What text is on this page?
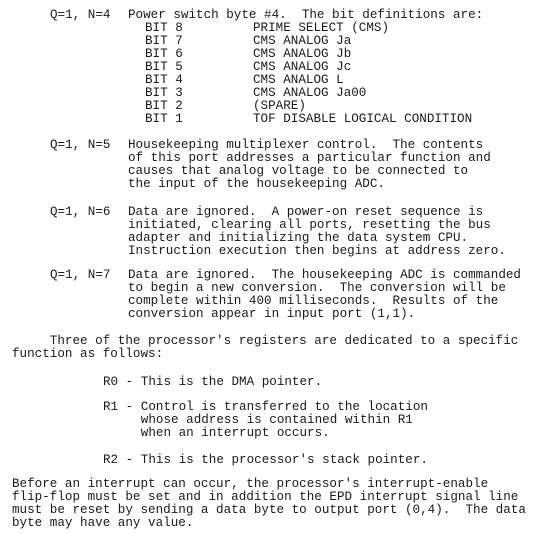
Q=1, N=4 Power switch byte #4.  The bit definitions are:

BIT 8	PRIME SELECT (CMS)

BIT 7	CMS ANALOG Ja

BIT 6	CMS ANALOG Jb

BIT 5	CMS ANALOG Jc

BIT 4	CMS ANALOG L

BIT 3	CMS ANALOG Ja00

BIT 2	(SPARE)

BIT 1	TOF DISABLE LOGICAL CONDITION

Q=1, N=5 Housekeeping multiplexer control.  The contents

of this port addresses a particular function and

causes that analog voltage to be connected to

the input of the housekeeping ADC.

Q=1, N=6 Data are ignored.  A power-on reset sequence is

initiated, clearing all ports, resetting the bus

adapter and initializing the data system CPU.

Instruction execution then begins at address zero.

Q=1, N=7 Data are ignored.  The housekeeping ADC is commanded

to begin a new conversion.  The conversion will be

complete within 400 milliseconds.  Results of the

conversion appear in input port (1,1).

Three of the processor's registers are dedicated to a specific

function as follows:

R0 - This is the DMA pointer.

R1 - Control is transferred to the location

whose address is contained within R1

when an interrupt occurs.

R2 - This is the processor's stack pointer.

Before an interrupt can occur, the processor's interrupt-enable

flip-flop must be set and in addition the EPD interrupt signal line

must be reset by sending a data byte to output port (0,4).  The data

byte may have any value.
